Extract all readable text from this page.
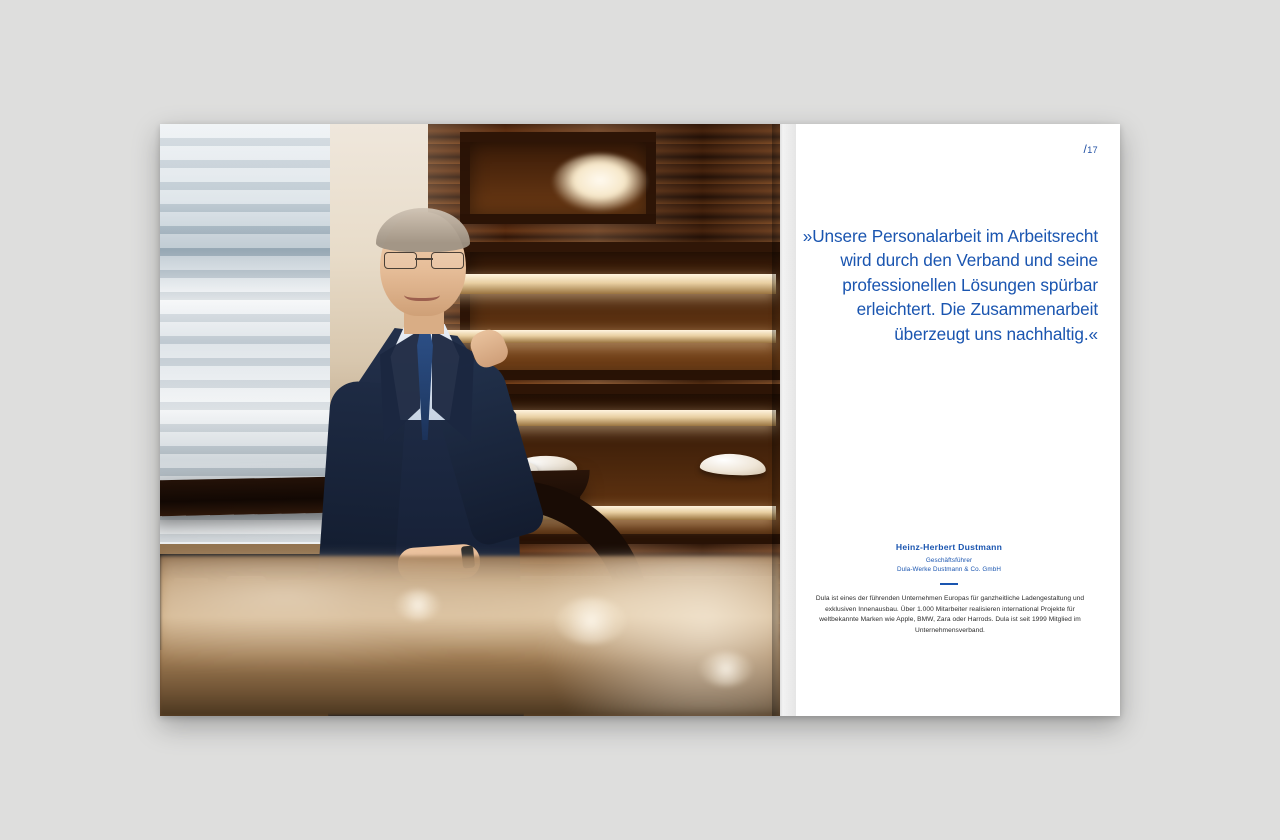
/17
»Unsere Personalarbeit im Arbeitsrecht wird durch den Verband und seine professionellen Lösungen spürbar erleichtert. Die Zusammenarbeit überzeugt uns nachhaltig.«
Heinz-Herbert Dustmann
Geschäftsführer
Dula-Werke Dustmann & Co. GmbH
Dula ist eines der führenden Unternehmen Europas für ganzheitliche Ladengestaltung und exklusiven Innenausbau. Über 1.000 Mitarbeiter realisieren international Projekte für weltbekannte Marken wie Apple, BMW, Zara oder Harrods. Dula ist seit 1999 Mitglied im Unternehmensverband.
